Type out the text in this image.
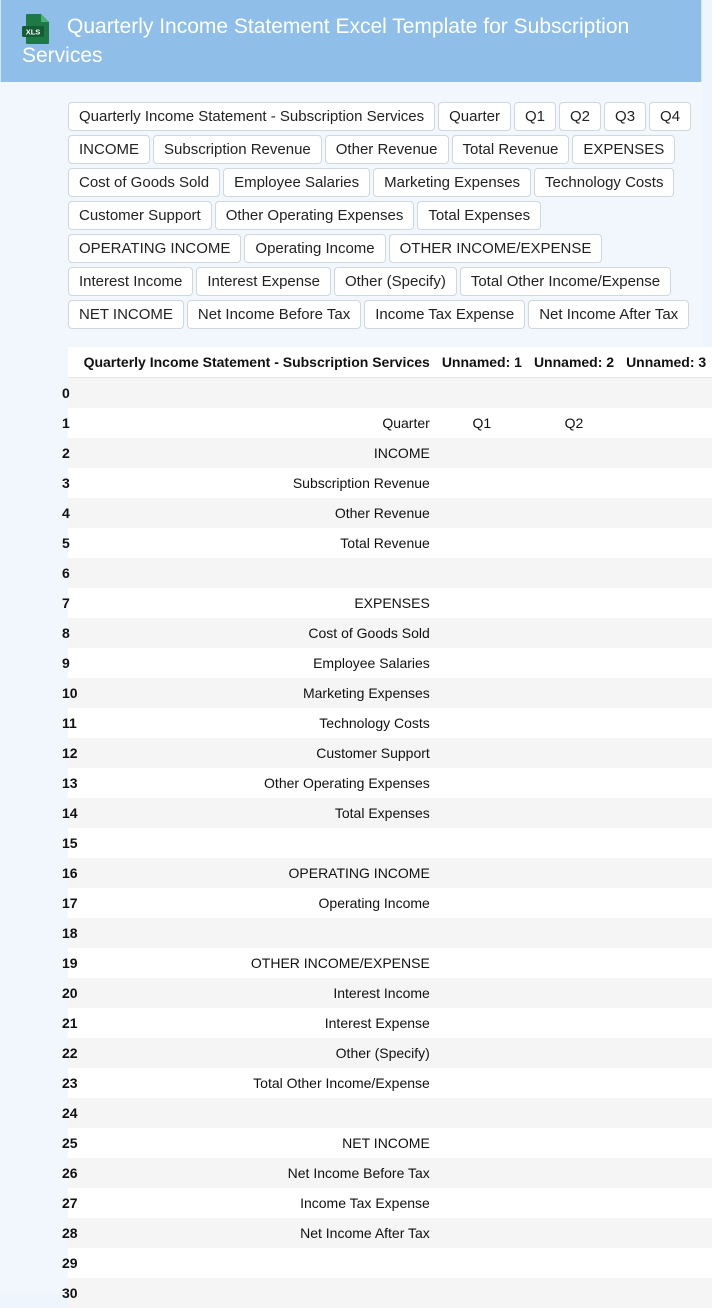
XLS	Quarterly Income Statement Excel Template for Subscription Services
Quarterly Income Statement - Subscription Services	Quarter	Q1	Q2	Q3	Q4
INCOME	Subscription Revenue	Other Revenue	Total Revenue	EXPENSES
Cost of Goods Sold	Employee Salaries	Marketing Expenses	Technology Costs
Customer Support	Other Operating Expenses	Total Expenses
OPERATING INCOME	Operating Income	OTHER INCOME/EXPENSE
Interest Income	Interest Expense	Other (Specify)	Total Other Income/Expense
NET INCOME	Net Income Before Tax	Income Tax Expense	Net Income After Tax
	Quarterly Income Statement - Subscription Services	Unnamed: 1	Unnamed: 2	Unnamed: 3
0				
1	Quarter	Q1	Q2	
2	INCOME			
3	Subscription Revenue			
4	Other Revenue			
5	Total Revenue			
6				
7	EXPENSES			
8	Cost of Goods Sold			
9	Employee Salaries			
10	Marketing Expenses			
11	Technology Costs			
12	Customer Support			
13	Other Operating Expenses			
14	Total Expenses			
15				
16	OPERATING INCOME			
17	Operating Income			
18				
19	OTHER INCOME/EXPENSE			
20	Interest Income			
21	Interest Expense			
22	Other (Specify)			
23	Total Other Income/Expense			
24				
25	NET INCOME			
26	Net Income Before Tax			
27	Income Tax Expense			
28	Net Income After Tax			
29				
30				
